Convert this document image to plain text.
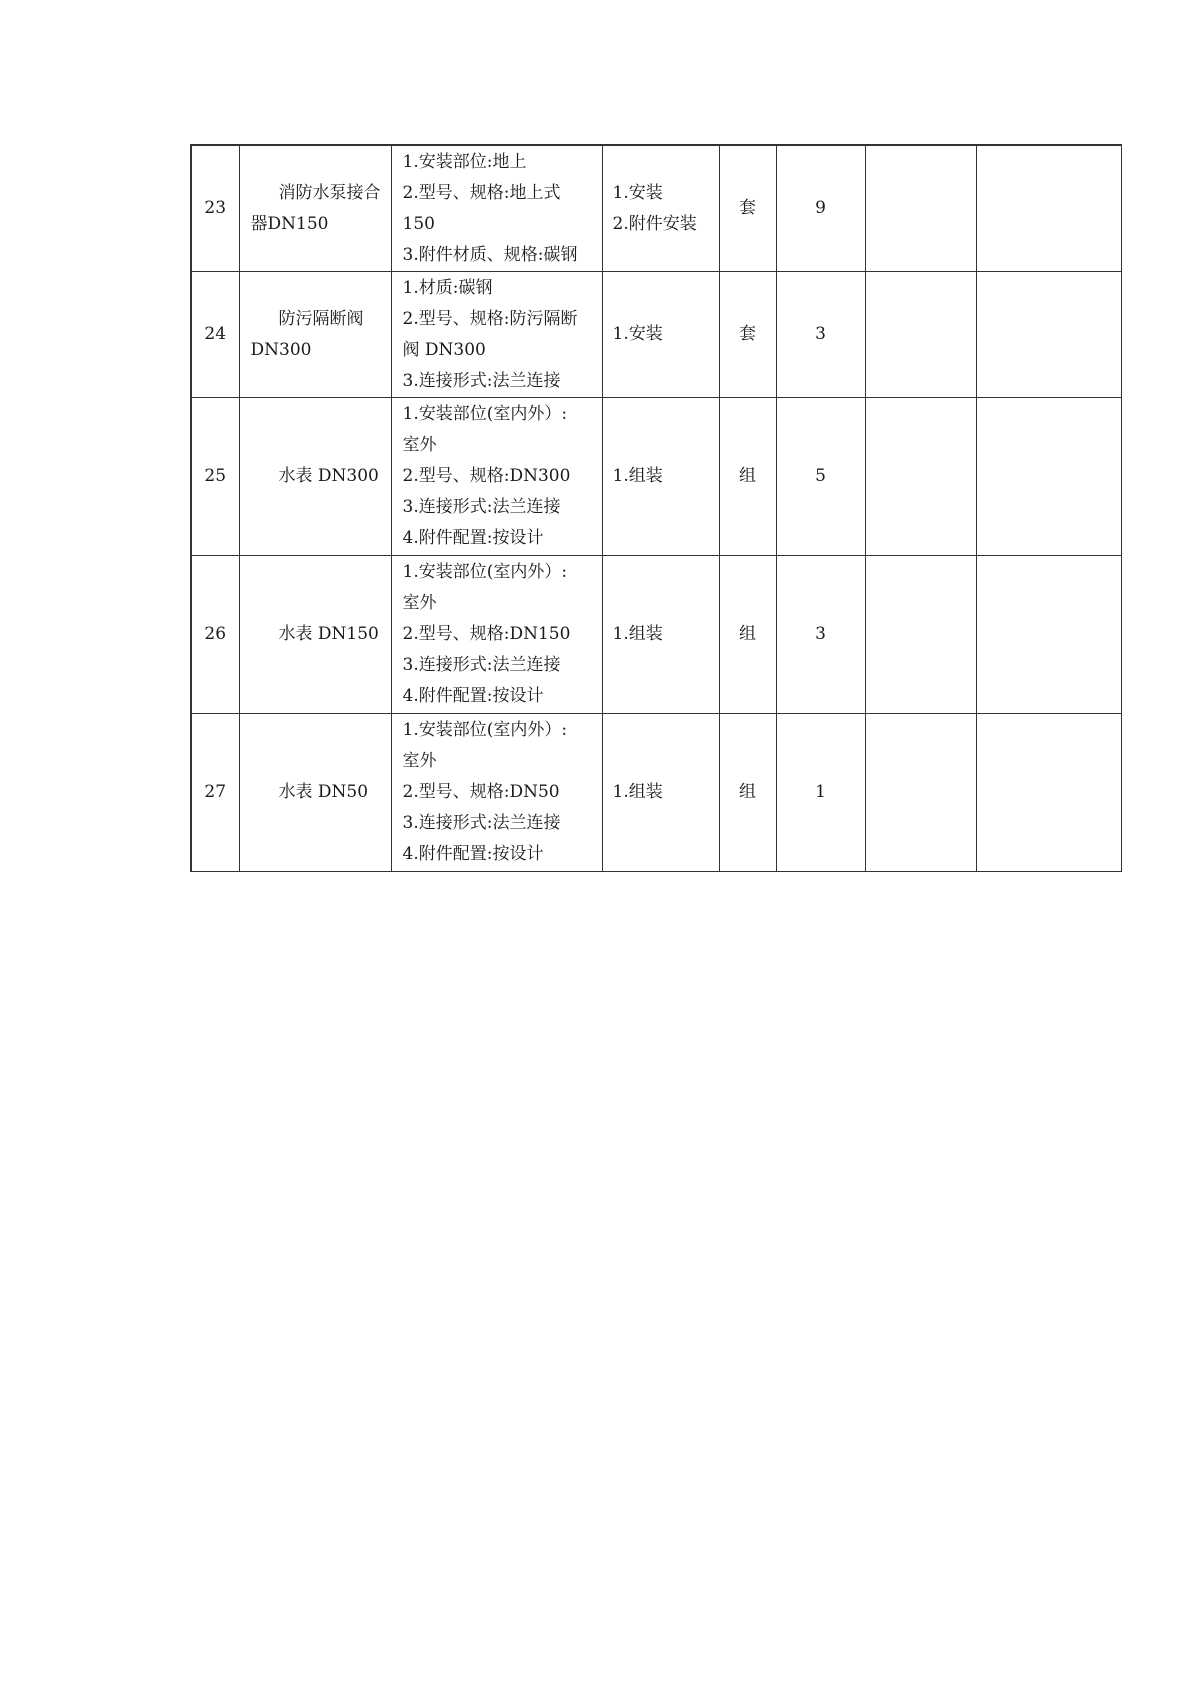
23	消防水泵接合
器DN150	1.安装部位:地上
2.型号、规格:地上式
150
3.附件材质、规格:碳钢	1.安装
2.附件安装	套	9		
24	防污隔断阀
DN300	1.材质:碳钢
2.型号、规格:防污隔断
阀 DN300
3.连接形式:法兰连接	1.安装	套	3		
25	水表 DN300	1.安装部位(室内外）:
室外
2.型号、规格:DN300
3.连接形式:法兰连接
4.附件配置:按设计	1.组装	组	5		
26	水表 DN150	1.安装部位(室内外）:
室外
2.型号、规格:DN150
3.连接形式:法兰连接
4.附件配置:按设计	1.组装	组	3		
27	水表 DN50	1.安装部位(室内外）:
室外
2.型号、规格:DN50
3.连接形式:法兰连接
4.附件配置:按设计	1.组装	组	1		
